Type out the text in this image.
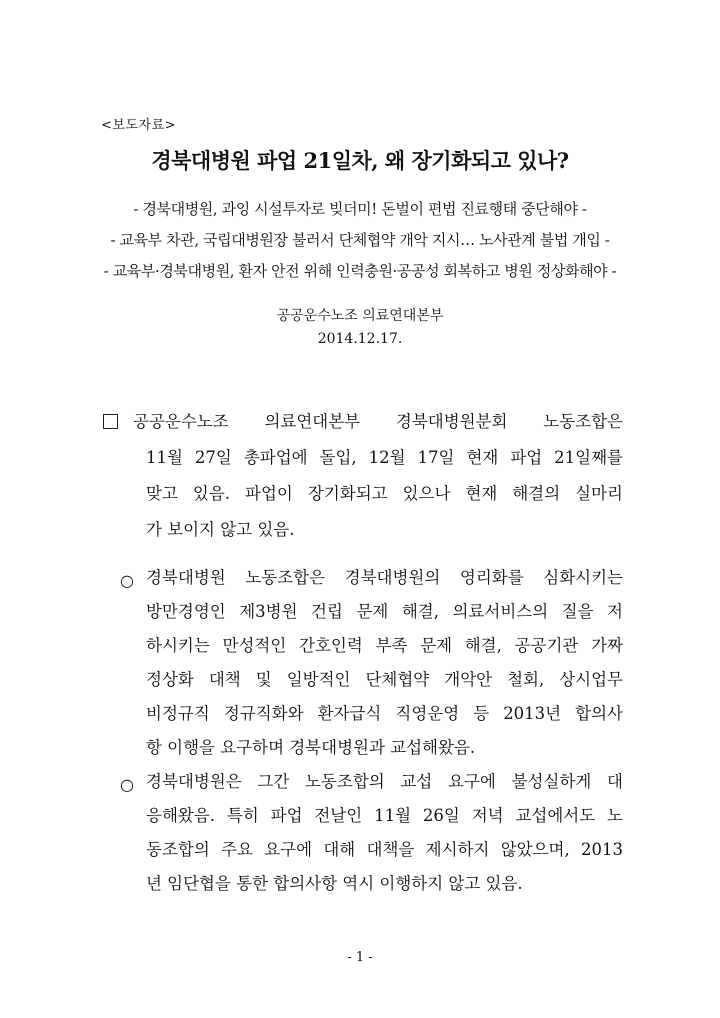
<보도자료>
경북대병원 파업 21일차, 왜 장기화되고 있나?
- 경북대병원, 과잉 시설투자로 빚더미! 돈벌이 편법 진료행태 중단해야 -
- 교육부 차관, 국립대병원장 불러서 단체협약 개악 지시… 노사관계 불법 개입 -
- 교육부·경북대병원, 환자 안전 위해 인력충원·공공성 회복하고 병원 정상화해야 -
공공운수노조 의료연대본부
2014.12.17.
공공운수노조 의료연대본부 경북대병원분회 노동조합은
11월 27일 총파업에 돌입, 12월 17일 현재 파업 21일째를
맞고 있음. 파업이 장기화되고 있으나 현재 해결의 실마리
가 보이지 않고 있음.
○ 경북대병원 노동조합은 경북대병원의 영리화를 심화시키는
방만경영인 제3병원 건립 문제 해결, 의료서비스의 질을 저
하시키는 만성적인 간호인력 부족 문제 해결, 공공기관 가짜
정상화 대책 및 일방적인 단체협약 개악안 철회, 상시업무
비정규직 정규직화와 환자급식 직영운영 등 2013년 합의사
항 이행을 요구하며 경북대병원과 교섭해왔음.
○ 경북대병원은 그간 노동조합의 교섭 요구에 불성실하게 대
응해왔음. 특히 파업 전날인 11월 26일 저녁 교섭에서도 노
동조합의 주요 요구에 대해 대책을 제시하지 않았으며, 2013
년 임단협을 통한 합의사항 역시 이행하지 않고 있음.
- 1 -
